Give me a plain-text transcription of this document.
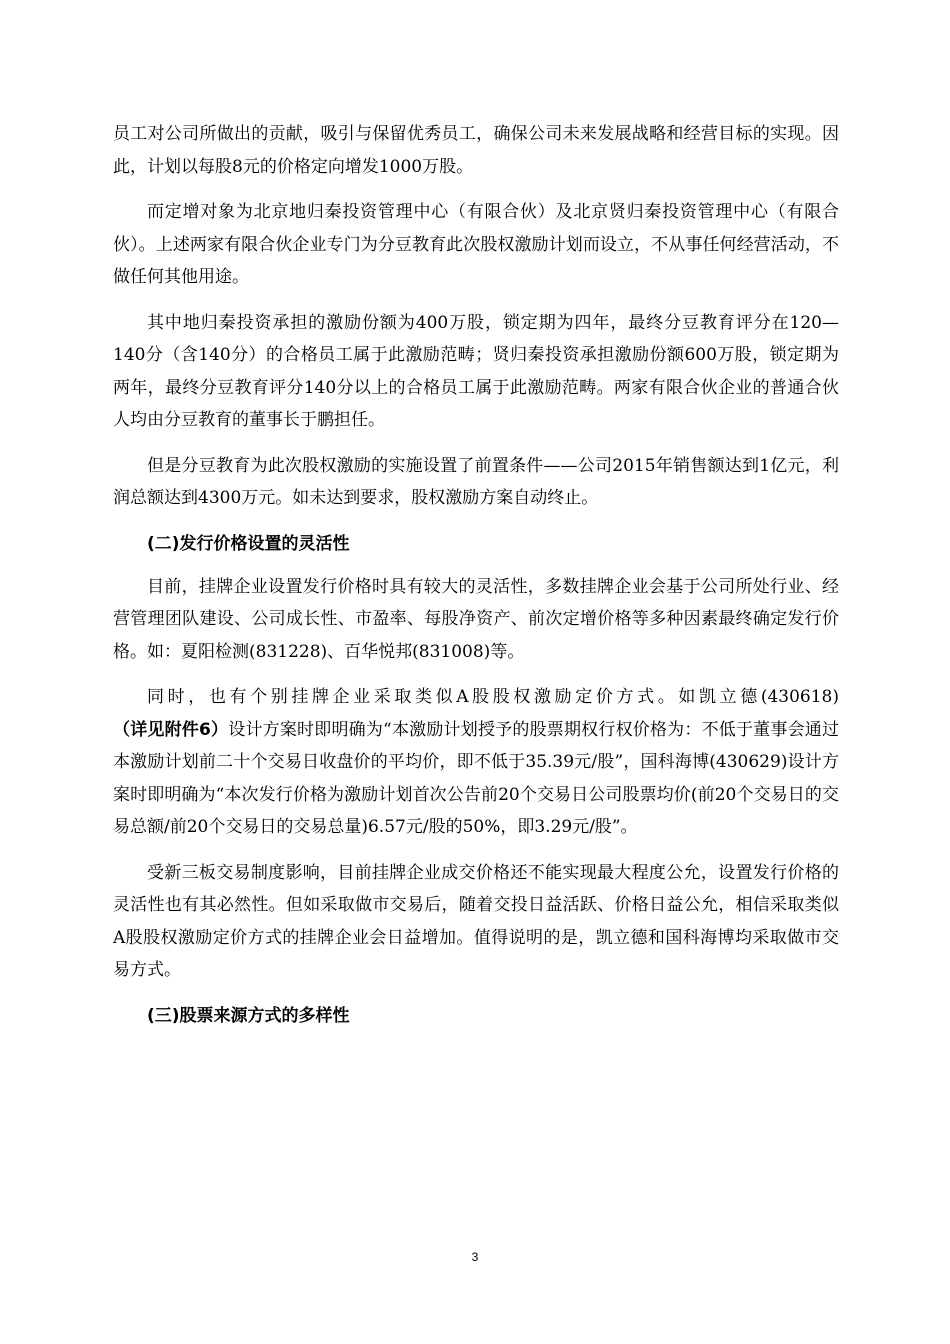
员工对公司所做出的贡献，吸引与保留优秀员工，确保公司未来发展战略和经营目标的实现。因此，计划以每股8元的价格定向增发1000万股。

而定增对象为北京地归秦投资管理中心（有限合伙）及北京贤归秦投资管理中心（有限合伙）。上述两家有限合伙企业专门为分豆教育此次股权激励计划而设立，不从事任何经营活动，不做任何其他用途。

其中地归秦投资承担的激励份额为400万股，锁定期为四年，最终分豆教育评分在120—140分（含140分）的合格员工属于此激励范畴；贤归秦投资承担激励份额600万股，锁定期为两年，最终分豆教育评分140分以上的合格员工属于此激励范畴。两家有限合伙企业的普通合伙人均由分豆教育的董事长于鹏担任。

但是分豆教育为此次股权激励的实施设置了前置条件——公司2015年销售额达到1亿元，利润总额达到4300万元。如未达到要求，股权激励方案自动终止。

(二)发行价格设置的灵活性

目前，挂牌企业设置发行价格时具有较大的灵活性，多数挂牌企业会基于公司所处行业、经营管理团队建设、公司成长性、市盈率、每股净资产、前次定增价格等多种因素最终确定发行价格。如：夏阳检测(831228)、百华悦邦(831008)等。

同时，也有个别挂牌企业采取类似A股股权激励定价方式。如凯立德(430618)（详见附件6）设计方案时即明确为“本激励计划授予的股票期权行权价格为：不低于董事会通过本激励计划前二十个交易日收盘价的平均价，即不低于35.39元/股”，国科海博(430629)设计方案时即明确为“本次发行价格为激励计划首次公告前20个交易日公司股票均价(前20个交易日的交易总额/前20个交易日的交易总量)6.57元/股的50%，即3.29元/股”。

受新三板交易制度影响，目前挂牌企业成交价格还不能实现最大程度公允，设置发行价格的灵活性也有其必然性。但如采取做市交易后，随着交投日益活跃、价格日益公允，相信采取类似A股股权激励定价方式的挂牌企业会日益增加。值得说明的是，凯立德和国科海博均采取做市交易方式。

(三)股票来源方式的多样性
3
